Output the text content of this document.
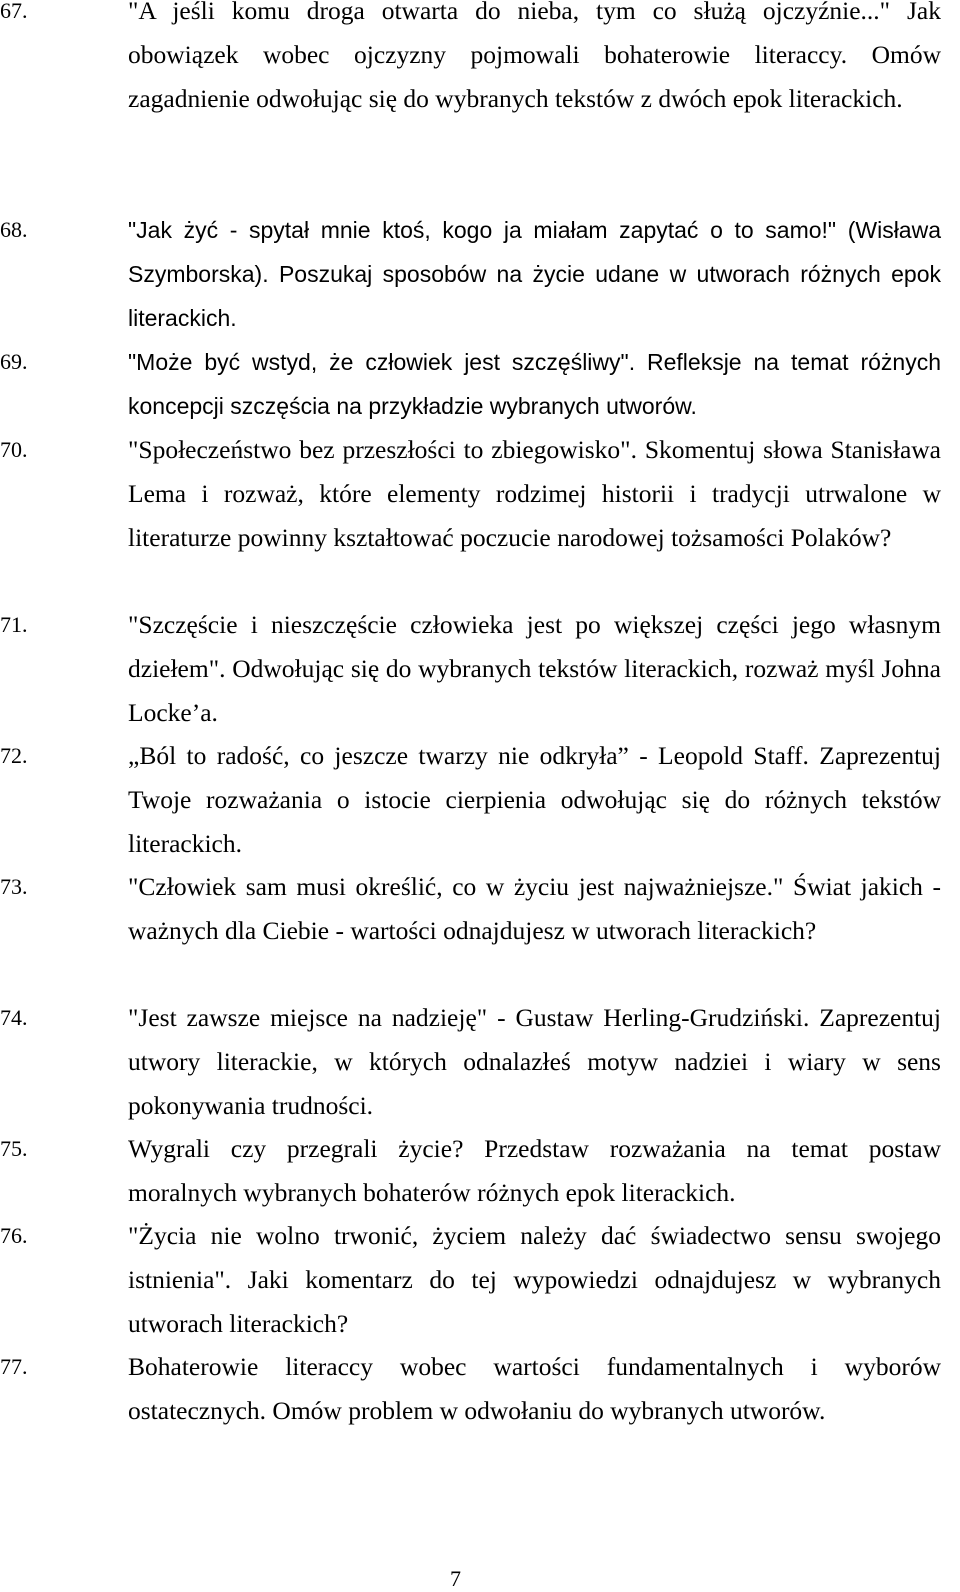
67.	"A jeśli komu droga otwarta do nieba, tym co służą ojczyźnie..." Jak obowiązek wobec ojczyzny pojmowali bohaterowie literaccy. Omów zagadnienie odwołując się do wybranych tekstów z dwóch epok literackich.
68.	"Jak żyć - spytał mnie ktoś, kogo ja miałam zapytać o to samo!" (Wisława Szymborska). Poszukaj sposobów na życie udane w utworach różnych epok literackich.
69.	"Może być wstyd, że człowiek jest szczęśliwy". Refleksje na temat różnych koncepcji szczęścia na przykładzie wybranych utworów.
70.	"Społeczeństwo bez przeszłości to zbiegowisko". Skomentuj słowa Stanisława Lema i rozważ, które elementy rodzimej historii i tradycji utrwalone w literaturze powinny kształtować poczucie narodowej tożsamości Polaków?
71.	"Szczęście i nieszczęście człowieka jest po większej części jego własnym dziełem". Odwołując się do wybranych tekstów literackich, rozważ myśl Johna Locke’a.
72.	„Ból to radość, co jeszcze twarzy nie odkryła” - Leopold Staff. Zaprezentuj Twoje rozważania o istocie cierpienia odwołując się do różnych tekstów literackich.
73.	"Człowiek sam musi określić, co w życiu jest najważniejsze." Świat jakich - ważnych dla Ciebie - wartości odnajdujesz w utworach literackich?
74.	"Jest zawsze miejsce na nadzieję" - Gustaw Herling-Grudziński. Zaprezentuj utwory literackie, w których odnalazłeś motyw nadziei i wiary w sens pokonywania trudności.
75.	Wygrali czy przegrali życie? Przedstaw rozważania na temat postaw moralnych wybranych bohaterów różnych epok literackich.
76.	"Życia nie wolno trwonić, życiem należy dać świadectwo sensu swojego istnienia". Jaki komentarz do tej wypowiedzi odnajdujesz w wybranych utworach literackich?
77.	Bohaterowie literaccy wobec wartości fundamentalnych i wyborów ostatecznych. Omów problem w odwołaniu do wybranych utworów.
7
